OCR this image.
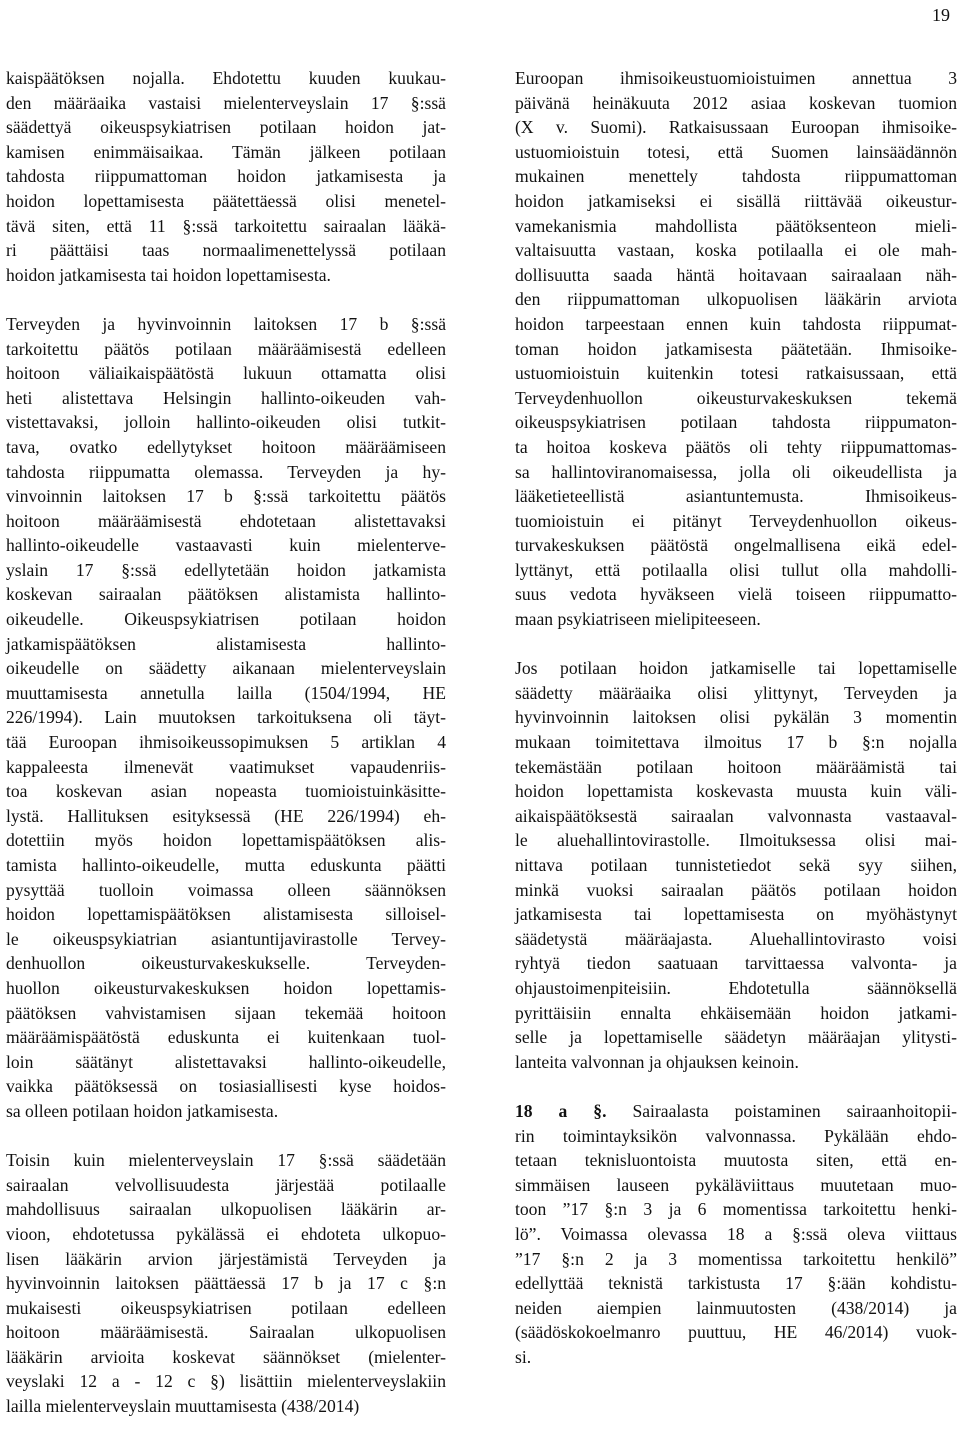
19
kaispäätöksen nojalla. Ehdotettu kuuden kuukau-
den määräaika vastaisi mielenterveyslain 17 §:ssä
säädettyä oikeuspsykiatrisen potilaan hoidon jat-
kamisen enimmäisaikaa. Tämän jälkeen potilaan
tahdosta riippumattoman hoidon jatkamisesta ja
hoidon lopettamisesta päätettäessä olisi menetel-
tävä siten, että 11 §:ssä tarkoitettu sairaalan lääkä-
ri päättäisi taas normaalimenettelyssä potilaan
hoidon jatkamisesta tai hoidon lopettamisesta.
Terveyden ja hyvinvoinnin laitoksen 17 b §:ssä
tarkoitettu päätös potilaan määräämisestä edelleen
hoitoon väliaikaispäätöstä lukuun ottamatta olisi
heti alistettava Helsingin hallinto-oikeuden vah-
vistettavaksi, jolloin hallinto-oikeuden olisi tutkit-
tava, ovatko edellytykset hoitoon määräämiseen
tahdosta riippumatta olemassa. Terveyden ja hy-
vinvoinnin laitoksen 17 b §:ssä tarkoitettu päätös
hoitoon määräämisestä ehdotetaan alistettavaksi
hallinto-oikeudelle vastaavasti kuin mielenterve-
yslain 17 §:ssä edellytetään hoidon jatkamista
koskevan sairaalan päätöksen alistamista hallinto-
oikeudelle. Oikeuspsykiatrisen potilaan hoidon
jatkamispäätöksen alistamisesta hallinto-
oikeudelle on säädetty aikanaan mielenterveyslain
muuttamisesta annetulla lailla (1504/1994, HE
226/1994). Lain muutoksen tarkoituksena oli täyt-
tää Euroopan ihmisoikeussopimuksen 5 artiklan 4
kappaleesta ilmenevät vaatimukset vapaudenriis-
toa koskevan asian nopeasta tuomioistuinkäsitte-
lystä. Hallituksen esityksessä (HE 226/1994) eh-
dotettiin myös hoidon lopettamispäätöksen alis-
tamista hallinto-oikeudelle, mutta eduskunta päätti
pysyttää tuolloin voimassa olleen säännöksen
hoidon lopettamispäätöksen alistamisesta silloisel-
le oikeuspsykiatrian asiantuntijavirastolle Tervey-
denhuollon oikeusturvakeskukselle. Terveyden-
huollon oikeusturvakeskuksen hoidon lopettamis-
päätöksen vahvistamisen sijaan tekemää hoitoon
määräämispäätöstä eduskunta ei kuitenkaan tuol-
loin säätänyt alistettavaksi hallinto-oikeudelle,
vaikka päätöksessä on tosiasiallisesti kyse hoidos-
sa olleen potilaan hoidon jatkamisesta.
Toisin kuin mielenterveyslain 17 §:ssä säädetään
sairaalan velvollisuudesta järjestää potilaalle
mahdollisuus sairaalan ulkopuolisen lääkärin ar-
vioon, ehdotetussa pykälässä ei ehdoteta ulkopuo-
lisen lääkärin arvion järjestämistä Terveyden ja
hyvinvoinnin laitoksen päättäessä 17 b ja 17 c §:n
mukaisesti oikeuspsykiatrisen potilaan edelleen
hoitoon määräämisestä. Sairaalan ulkopuolisen
lääkärin arvioita koskevat säännökset (mielenter-
veyslaki 12 a - 12 c §) lisättiin mielenterveyslakiin
lailla mielenterveyslain muuttamisesta (438/2014)
Euroopan ihmisoikeustuomioistuimen annettua 3
päivänä heinäkuuta 2012 asiaa koskevan tuomion
(X v. Suomi). Ratkaisussaan Euroopan ihmisoike-
ustuomioistuin totesi, että Suomen lainsäädännön
mukainen menettely tahdosta riippumattoman
hoidon jatkamiseksi ei sisällä riittävää oikeustur-
vamekanismia mahdollista päätöksenteon mieli-
valtaisuutta vastaan, koska potilaalla ei ole mah-
dollisuutta saada häntä hoitavaan sairaalaan näh-
den riippumattoman ulkopuolisen lääkärin arviota
hoidon tarpeestaan ennen kuin tahdosta riippumat-
toman hoidon jatkamisesta päätetään. Ihmisoike-
ustuomioistuin kuitenkin totesi ratkaisussaan, että
Terveydenhuollon oikeusturvakeskuksen tekemä
oikeuspsykiatrisen potilaan tahdosta riippumaton-
ta hoitoa koskeva päätös oli tehty riippumattomas-
sa hallintoviranomaisessa, jolla oli oikeudellista ja
lääketieteellistä asiantuntemusta. Ihmisoikeus-
tuomioistuin ei pitänyt Terveydenhuollon oikeus-
turvakeskuksen päätöstä ongelmallisena eikä edel-
lyttänyt, että potilaalla olisi tullut olla mahdolli-
suus vedota hyväkseen vielä toiseen riippumatto-
maan psykiatriseen mielipiteeseen.
Jos potilaan hoidon jatkamiselle tai lopettamiselle
säädetty määräaika olisi ylittynyt, Terveyden ja
hyvinvoinnin laitoksen olisi pykälän 3 momentin
mukaan toimitettava ilmoitus 17 b §:n nojalla
tekemästään potilaan hoitoon määräämistä tai
hoidon lopettamista koskevasta muusta kuin väli-
aikaispäätöksestä sairaalan valvonnasta vastaaval-
le aluehallintovirastolle. Ilmoituksessa olisi mai-
nittava potilaan tunnistetiedot sekä syy siihen,
minkä vuoksi sairaalan päätös potilaan hoidon
jatkamisesta tai lopettamisesta on myöhästynyt
säädetystä määräajasta. Aluehallintovirasto voisi
ryhtyä tiedon saatuaan tarvittaessa valvonta- ja
ohjaustoimenpiteisiin. Ehdotetulla säännöksellä
pyrittäisiin ennalta ehkäisemään hoidon jatkami-
selle ja lopettamiselle säädetyn määräajan ylitysti-
lanteita valvonnan ja ohjauksen keinoin.
18 a §. Sairaalasta poistaminen sairaanhoitopii-
rin toimintayksikön valvonnassa. Pykälään ehdo-
tetaan teknisluontoista muutosta siten, että en-
simmäisen lauseen pykäläviittaus muutetaan muo-
toon ”17 §:n 3 ja 6 momentissa tarkoitettu henki-
lö”. Voimassa olevassa 18 a §:ssä oleva viittaus
”17 §:n 2 ja 3 momentissa tarkoitettu henkilö”
edellyttää teknistä tarkistusta 17 §:ään kohdistu-
neiden aiempien lainmuutosten (438/2014) ja
(säädöskokoelmanro puuttuu, HE 46/2014) vuok-
si.
